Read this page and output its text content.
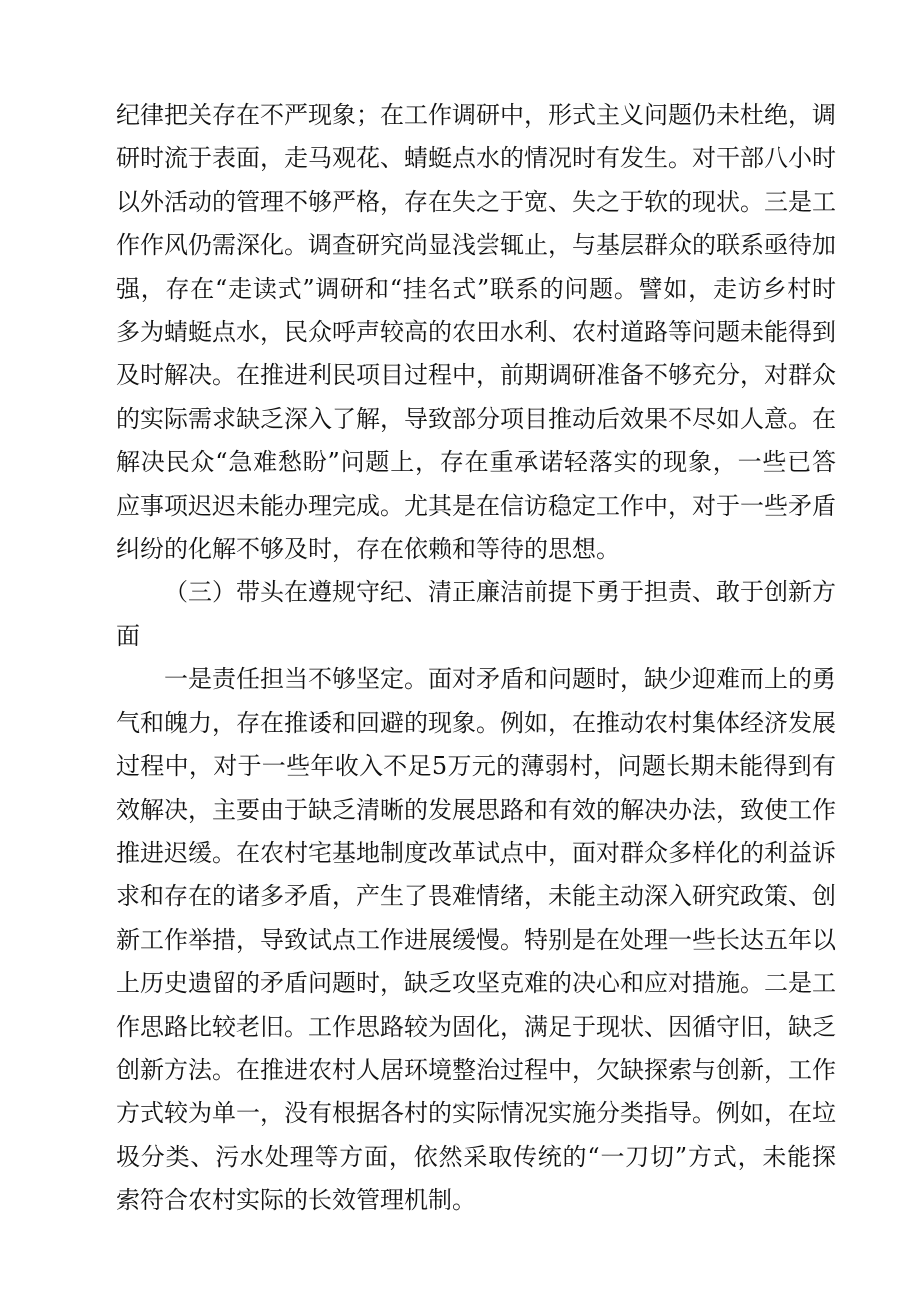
纪律把关存在不严现象；在工作调研中，形式主义问题仍未杜绝，调研时流于表面，走马观花、蜻蜓点水的情况时有发生。对干部八小时以外活动的管理不够严格，存在失之于宽、失之于软的现状。三是工作作风仍需深化。调查研究尚显浅尝辄止，与基层群众的联系亟待加强，存在“走读式”调研和“挂名式”联系的问题。譬如，走访乡村时多为蜻蜓点水，民众呼声较高的农田水利、农村道路等问题未能得到及时解决。在推进利民项目过程中，前期调研准备不够充分，对群众的实际需求缺乏深入了解，导致部分项目推动后效果不尽如人意。在解决民众“急难愁盼”问题上，存在重承诺轻落实的现象，一些已答应事项迟迟未能办理完成。尤其是在信访稳定工作中，对于一些矛盾纠纷的化解不够及时，存在依赖和等待的思想。

（三）带头在遵规守纪、清正廉洁前提下勇于担责、敢于创新方面

一是责任担当不够坚定。面对矛盾和问题时，缺少迎难而上的勇气和魄力，存在推诿和回避的现象。例如，在推动农村集体经济发展过程中，对于一些年收入不足5万元的薄弱村，问题长期未能得到有效解决，主要由于缺乏清晰的发展思路和有效的解决办法，致使工作推进迟缓。在农村宅基地制度改革试点中，面对群众多样化的利益诉求和存在的诸多矛盾，产生了畏难情绪，未能主动深入研究政策、创新工作举措，导致试点工作进展缓慢。特别是在处理一些长达五年以上历史遗留的矛盾问题时，缺乏攻坚克难的决心和应对措施。二是工作思路比较老旧。工作思路较为固化，满足于现状、因循守旧，缺乏创新方法。在推进农村人居环境整治过程中，欠缺探索与创新，工作方式较为单一，没有根据各村的实际情况实施分类指导。例如，在垃圾分类、污水处理等方面，依然采取传统的“一刀切”方式，未能探索符合农村实际的长效管理机制。
